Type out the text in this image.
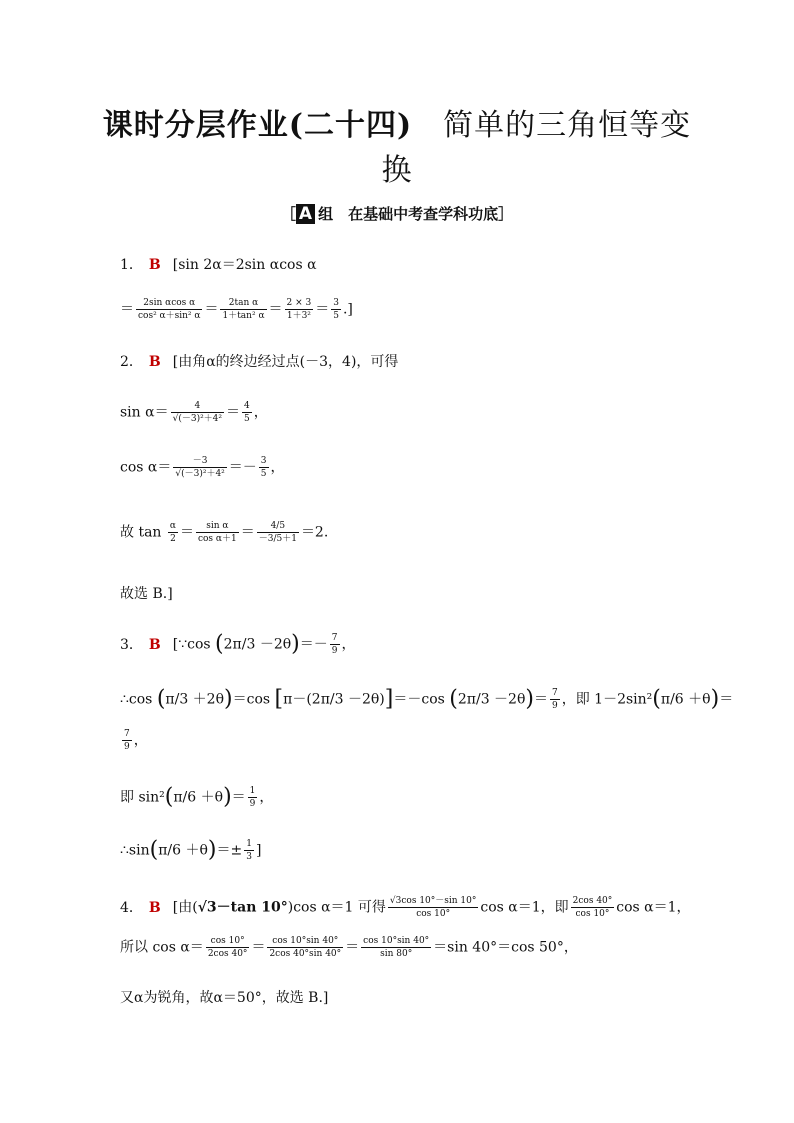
课时分层作业(二十四)　简单的三角恒等变
换
［ A 组　在基础中考查学科功底］
1． B [sin 2α＝2sin αcos α
＝ $\frac{\text{2sin αcos α}}{\text{cos² α＋sin² α}} = \frac{\text{2tan α}}{\text{1＋tan² α}} = \frac{2 \times 3}{\text{1＋3²}} = \frac{3}{5}$ .]
2． B [由角α的终边经过点(－3，4)，可得
$\sin \alpha= \frac{4}{\text{√(－3)²＋4²}} = \frac{4}{5}$ ，
$\cos \alpha= \frac{-3}{\text{√(－3)²＋4²}} =- \frac{3}{5}$ ，
故 $\tan \frac{\alpha}{2} = \frac{\text{sin α}}{\text{cos α＋1}} = \frac{4/5}{-3/5+1} =2$.
故选 B.]
3． B [∵cos $(2\pi/3 -2\theta)=- \frac{7}{9}$ ，
∴cos (π/3 ＋2θ)＝cos [π－(2π/3 －2θ)]＝－cos $(2\pi/3 -2\theta)= \frac{7}{9}$ ，即 1－2sin²(π/6 ＋θ)＝
$\frac{7}{9}$ ，
即 $\sin^2(\pi/6 +\theta)= \frac{1}{9}$ ，
∴sin(π/6 $+\theta)=\pm \frac{1}{3}$ ]
4． B [由(√3－tan 10°)cos α＝1 可得 $\frac{√3\cos 10^\circ-\sin 10^\circ}{\cos 10^\circ}$ cos α＝1，即 $\frac{2\cos 40^\circ}{\cos 10^\circ}$ cos α＝1，
所以 $\cos \alpha= \frac{\cos 10^\circ}{2\cos 40^\circ} = \frac{\cos 10^\circ\sin 40^\circ}{2\cos 40^\circ\sin 40^\circ} = \frac{\cos 10^\circ\sin 40^\circ}{\sin 80^\circ} =\sin$ 40°＝cos 50°，
又α为锐角，故α＝50°，故选 B.]
